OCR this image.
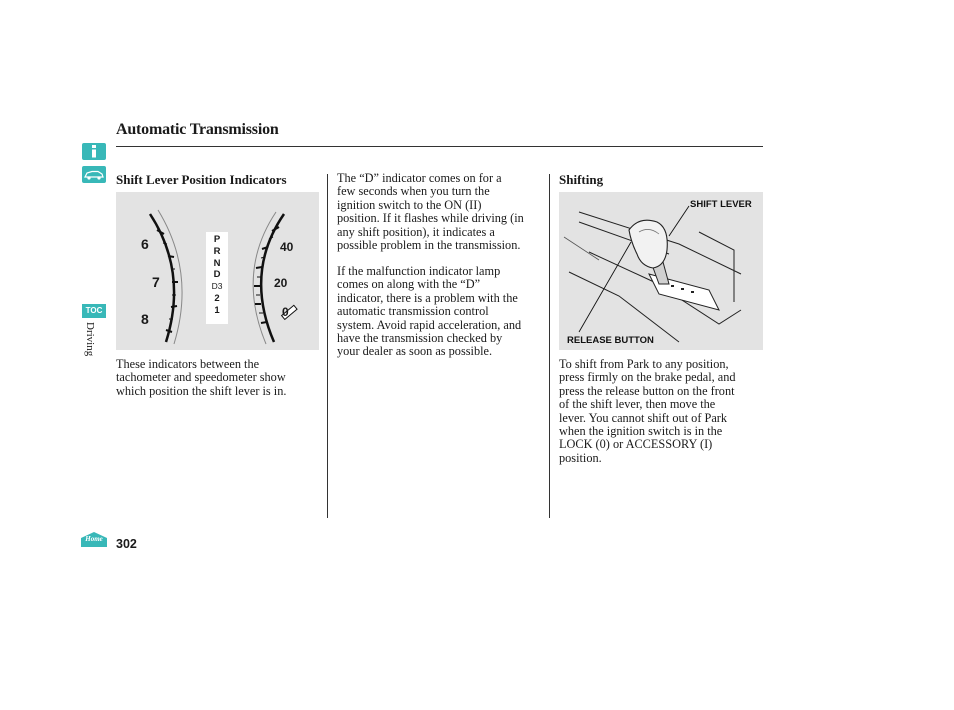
TOC
Driving
Automatic Transmission
Shift Lever Position Indicators
6
7
8
P
R
N
D
D3
2
1
40
20
0
These indicators between the
tachometer and speedometer show
which position the shift lever is in.
The “D” indicator comes on for a
few seconds when you turn the
ignition switch to the ON (II)
position. If it flashes while driving (in
any shift position), it indicates a
possible problem in the transmission.
If the malfunction indicator lamp
comes on along with the “D”
indicator, there is a problem with the
automatic transmission control
system. Avoid rapid acceleration, and
have the transmission checked by
your dealer as soon as possible.
Shifting
SHIFT LEVER
RELEASE BUTTON
To shift from Park to any position,
press firmly on the brake pedal, and
press the release button on the front
of the shift lever, then move the
lever. You cannot shift out of Park
when the ignition switch is in the
LOCK (0) or ACCESSORY (I)
position.
Home	302
